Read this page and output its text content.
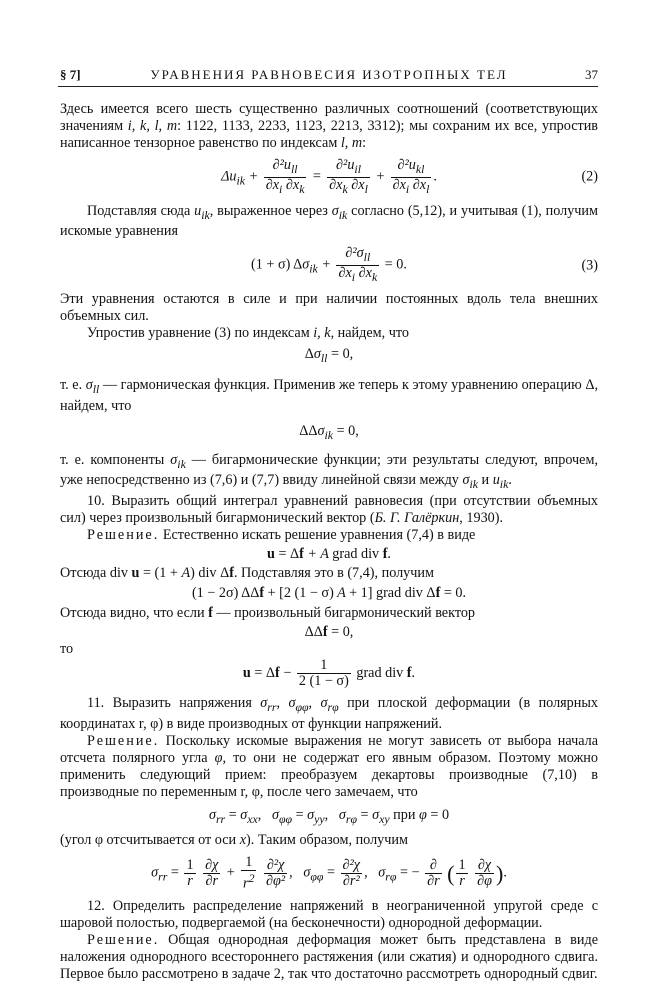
§ 7]	УРАВНЕНИЯ РАВНОВЕСИЯ ИЗОТРОПНЫХ ТЕЛ	37

Здесь имеется всего шесть существенно различных соотношений (соответствующих значениям i, k, l, m: 1122, 1133, 2233, 1123, 2213, 3312); мы сохраним их все, упростив написанное тензорное равенство по индексам l, m:

$\Delta u_{ik} + \frac{\partial^2u_{ll}}{\partial x_i \partial x_k} = \frac{\partial^2u_{il}}{\partial x_k \partial x_l} + \frac{\partial^2u_{kl}}{\partial x_i \partial x_l}$ .	(2)

Подставляя сюда $u_{ik}$, выраженное через $\sigma_{ik}$ согласно (5,12), и учитывая (1), получим искомые уравнения

(1 + σ) $\Delta\sigma_{ik} + \frac{\partial^2\sigma_{ll}}{\partial x_i \partial x_k} = 0$.	(3)

Эти уравнения остаются в силе и при наличии постоянных вдоль тела внешних объемных сил.

Упростив уравнение (3) по индексам i, k, найдем, что

$\Delta\sigma_{ll} = 0$,

т. е. $\sigma_{ll}$ — гармоническая функция. Применив же теперь к этому уравнению операцию Δ, найдем, что

ΔΔσ$_{ik}$ = 0,

т. е. компоненты $\sigma_{ik}$ — бигармонические функции; эти результаты следуют, впрочем, уже непосредственно из (7,6) и (7,7) ввиду линейной связи между $\sigma_{ik}$ и $u_{ik}$.

10. Выразить общий интеграл уравнений равновесия (при отсутствии объемных сил) через произвольный бигармонический вектор (Б. Г. Галёркин, 1930).

Решение. Естественно искать решение уравнения (7,4) в виде

u = Δf + A grad div f.

Отсюда div u = (1 + A) div Δf. Подставляя это в (7,4), получим

(1 − 2σ) ΔΔf + [2 (1 − σ) A + 1] grad div Δf = 0.

Отсюда видно, что если f — произвольный бигармонический вектор

ΔΔf = 0,

то

$u = \Delta f - \frac{1}{2 (1 - \sigma)}$ grad div f.

11. Выразить напряжения $\sigma_{rr}$, $\sigma_{\varphi\varphi}$, $\sigma_{r\varphi}$ при плоской деформации (в полярных координатах r, φ) в виде производных от функции напряжений.

Решение. Поскольку искомые выражения не могут зависеть от выбора начала отсчета полярного угла φ, то они не содержат его явным образом. Поэтому можно применить следующий прием: преобразуем декартовы производные (7,10) в производные по переменным r, φ, после чего замечаем, что

$\sigma_{rr} = \sigma_{xx}$,   $\sigma_{\varphi\varphi} = \sigma_{yy}$,   $\sigma_{r\varphi} = \sigma_{xy}$ при φ = 0

(угол φ отсчитывается от оси x). Таким образом, получим

$\sigma_{rr} = \frac{1}{r}$
$\frac{\partial\chi}{\partial r} + \frac{1}{r^2}$
$\frac{\text{∂²χ}}{\text{∂φ²}}$ ,   $\sigma_{\varphi\varphi} = \frac{\text{∂²χ}}{\text{∂r²}}$ ,   $\sigma_{r\varphi}$ = − $\frac{\partial}{\partial r}$ ( $\frac{1}{r}$
$\frac{\partial\chi}{\partial\varphi}$ ).

12. Определить распределение напряжений в неограниченной упругой среде с шаровой полостью, подвергаемой (на бесконечности) однородной деформации.

Решение. Общая однородная деформация может быть представлена в виде наложения однородного всестороннего растяжения (или сжатия) и однородного сдвига. Первое было рассмотрено в задаче 2, так что достаточно рассмотреть однородный сдвиг.
